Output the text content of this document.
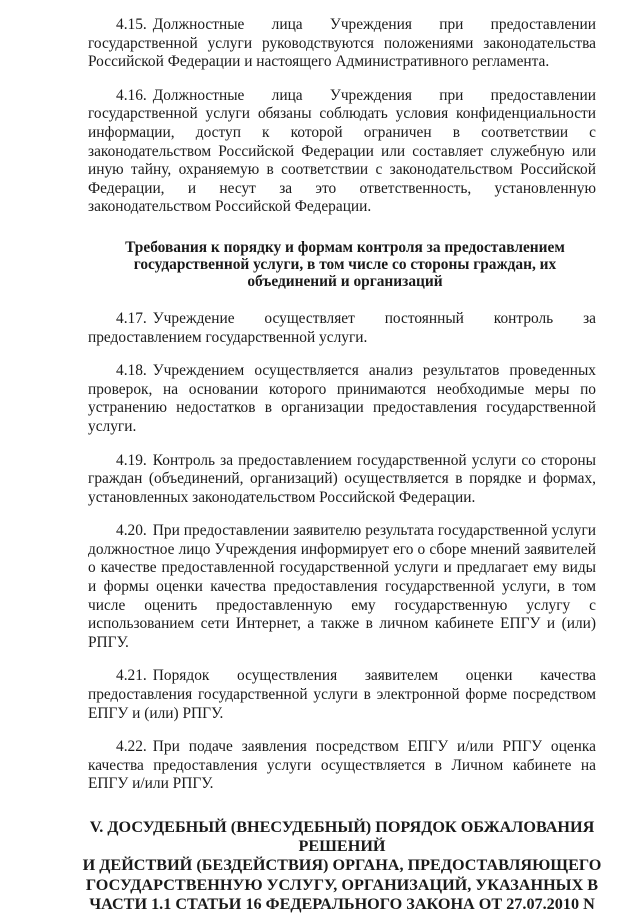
4.15. Должностные лица Учреждения при предоставлении государственной услуги руководствуются положениями законодательства Российской Федерации и настоящего Административного регламента.

4.16. Должностные лица Учреждения при предоставлении государственной услуги обязаны соблюдать условия конфиденциальности информации, доступ к которой ограничен в соответствии с законодательством Российской Федерации или составляет служебную или иную тайну, охраняемую в соответствии с законодательством Российской Федерации, и несут за это ответственность, установленную законодательством Российской Федерации.

Требования к порядку и формам контроля за предоставлением государственной услуги, в том числе со стороны граждан, их объединений и организаций

4.17. Учреждение осуществляет постоянный контроль за предоставлением государственной услуги.

4.18. Учреждением осуществляется анализ результатов проведенных проверок, на основании которого принимаются необходимые меры по устранению недостатков в организации предоставления государственной услуги.

4.19. Контроль за предоставлением государственной услуги со стороны граждан (объединений, организаций) осуществляется в порядке и формах, установленных законодательством Российской Федерации.

4.20. При предоставлении заявителю результата государственной услуги должностное лицо Учреждения информирует его о сборе мнений заявителей о качестве предоставленной государственной услуги и предлагает ему виды и формы оценки качества предоставления государственной услуги, в том числе оценить предоставленную ему государственную услугу с использованием сети Интернет, а также в личном кабинете ЕПГУ и (или) РПГУ.

4.21. Порядок осуществления заявителем оценки качества предоставления государственной услуги в электронной форме посредством ЕПГУ и (или) РПГУ.

4.22. При подаче заявления посредством ЕПГУ и/или РПГУ оценка качества предоставления услуги осуществляется в Личном кабинете на ЕПГУ и/или РПГУ.

V. ДОСУДЕБНЫЙ (ВНЕСУДЕБНЫЙ) ПОРЯДОК ОБЖАЛОВАНИЯ РЕШЕНИЙ
И ДЕЙСТВИЙ (БЕЗДЕЙСТВИЯ) ОРГАНА, ПРЕДОСТАВЛЯЮЩЕГО ГОСУДАРСТВЕННУЮ УСЛУГУ, ОРГАНИЗАЦИЙ, УКАЗАННЫХ В ЧАСТИ 1.1 СТАТЬИ 16 ФЕДЕРАЛЬНОГО ЗАКОНА ОТ 27.07.2010 N
